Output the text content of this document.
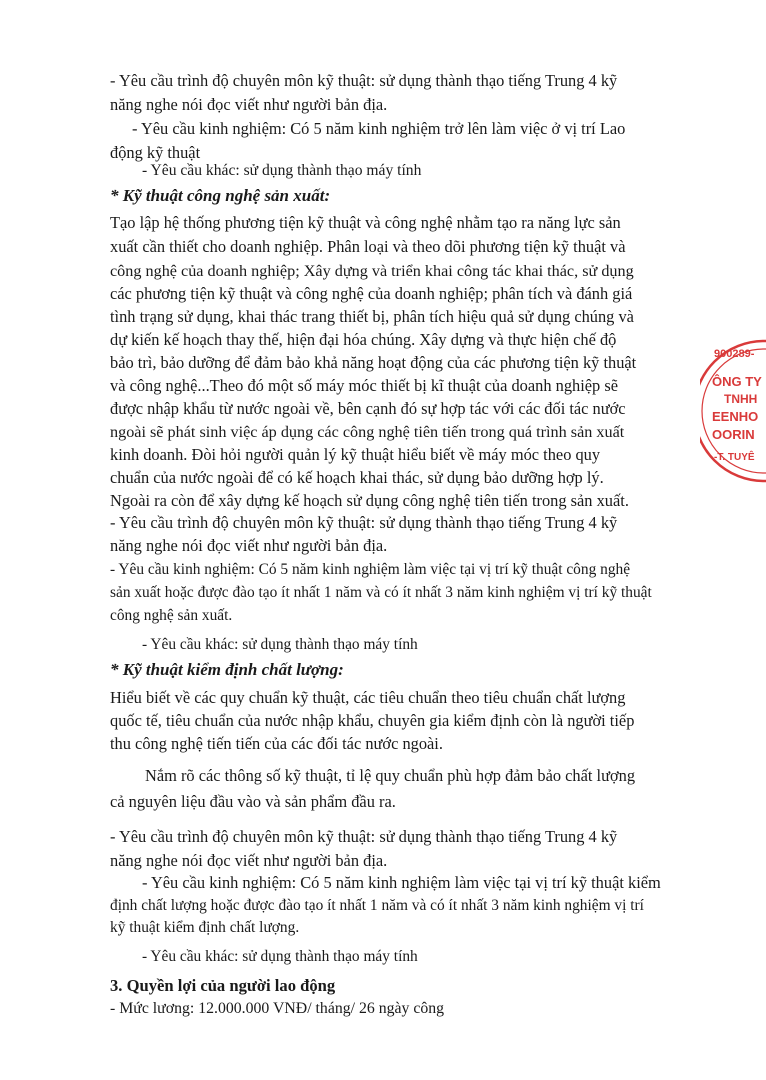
- Yêu cầu trình độ chuyên môn kỹ thuật: sử dụng thành thạo tiếng Trung 4 kỹ
năng nghe nói đọc viết như người bản địa.
- Yêu cầu kinh nghiệm: Có 5 năm kinh nghiệm trở lên làm việc ở vị trí Lao
động kỹ thuật
- Yêu cầu khác: sử dụng thành thạo máy tính
* Kỹ thuật công nghệ sản xuất:
Tạo lập hệ thống phương tiện kỹ thuật và công nghệ nhằm tạo ra năng lực sản
xuất cần thiết cho doanh nghiệp. Phân loại và theo dõi phương tiện kỹ thuật và
công nghệ của doanh nghiệp; Xây dựng và triển khai công tác khai thác, sử dụng
các phương tiện kỹ thuật và công nghệ của doanh nghiệp; phân tích và đánh giá
tình trạng sử dụng, khai thác trang thiết bị, phân tích hiệu quả sử dụng chúng và
dự kiến kế hoạch thay thế, hiện đại hóa chúng. Xây dựng và thực hiện chế độ
bảo trì, bảo dưỡng để đảm bảo khả năng hoạt động của các phương tiện kỹ thuật
và công nghệ...Theo đó một số máy móc thiết bị kĩ thuật của doanh nghiệp sẽ
được nhập khẩu từ nước ngoài về, bên cạnh đó sự hợp tác với các đối tác nước
ngoài sẽ phát sinh việc áp dụng các công nghệ tiên tiến trong quá trình sản xuất
kinh doanh. Đòi hỏi người quản lý kỹ thuật hiểu biết về máy móc theo quy
chuẩn của nước ngoài để có kế hoạch khai thác, sử dụng bảo dưỡng hợp lý.
Ngoài ra còn để xây dựng kế hoạch sử dụng công nghệ tiên tiến trong sản xuất.
- Yêu cầu trình độ chuyên môn kỹ thuật: sử dụng thành thạo tiếng Trung 4 kỹ
năng nghe nói đọc viết như người bản địa.
- Yêu cầu kinh nghiệm: Có 5 năm kinh nghiệm làm việc tại vị trí kỹ thuật công nghệ
sản xuất hoặc được đào tạo ít nhất 1 năm và có ít nhất 3 năm kinh nghiệm vị trí kỹ thuật
công nghệ sản xuất.
- Yêu cầu khác: sử dụng thành thạo máy tính
* Kỹ thuật kiểm định chất lượng:
Hiểu biết về các quy chuẩn kỹ thuật, các tiêu chuẩn theo tiêu chuẩn chất lượng
quốc tế, tiêu chuẩn của nước nhập khẩu, chuyên gia kiểm định còn là người tiếp
thu công nghệ tiến tiến của các đối tác nước ngoài.
Nắm rõ các thông số kỹ thuật, tỉ lệ quy chuẩn phù hợp đảm bảo chất lượng
cả nguyên liệu đầu vào và sản phẩm đầu ra.
- Yêu cầu trình độ chuyên môn kỹ thuật: sử dụng thành thạo tiếng Trung 4 kỹ
năng nghe nói đọc viết như người bản địa.
- Yêu cầu kinh nghiệm: Có 5 năm kinh nghiệm làm việc tại vị trí kỹ thuật kiểm
định chất lượng hoặc được đào tạo ít nhất 1 năm và có ít nhất 3 năm kinh nghiệm vị trí
kỹ thuật kiểm định chất lượng.
- Yêu cầu khác: sử dụng thành thạo máy tính
3. Quyền lợi của người lao động
- Mức lương: 12.000.000 VNĐ/ tháng/ 26 ngày công
900289-
ÔNG TY
TNHH
EENHO
OORIN
-T. TUYÊ
